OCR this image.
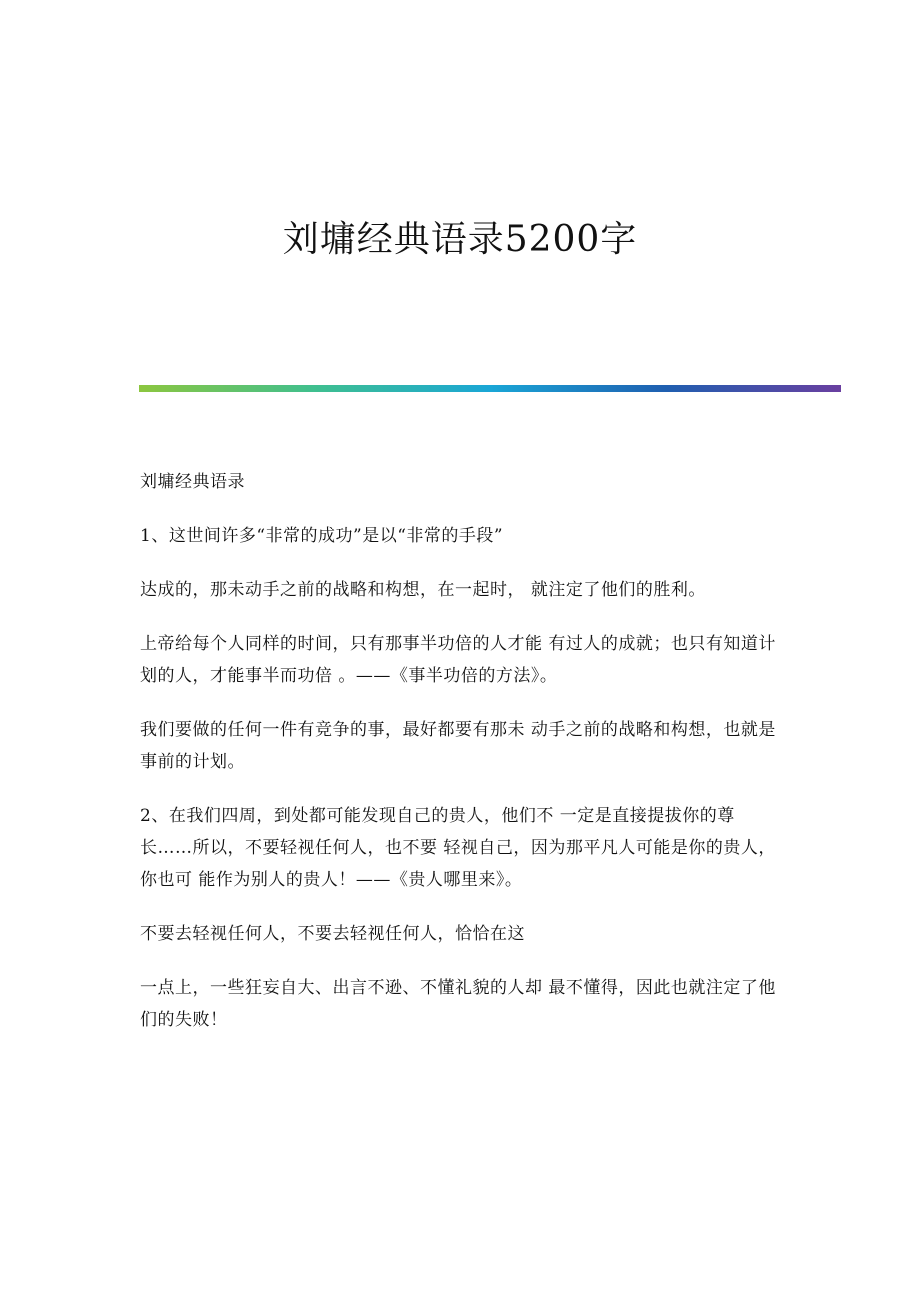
刘墉经典语录5200字

刘墉经典语录

1、这世间许多“非常的成功”是以“非常的手段”

达成的，那未动手之前的战略和构想，在一起时， 就注定了他们的胜利。

上帝给每个人同样的时间，只有那事半功倍的人才能 有过人的成就；也只有知道计划的人，才能事半而功倍 。——《事半功倍的方法》。

我们要做的任何一件有竞争的事，最好都要有那未 动手之前的战略和构想，也就是事前的计划。

2、在我们四周，到处都可能发现自己的贵人，他们不 一定是直接提拔你的尊长……所以，不要轻视任何人，也不要 轻视自己，因为那平凡人可能是你的贵人，你也可 能作为别人的贵人！——《贵人哪里来》。

不要去轻视任何人，不要去轻视任何人，恰恰在这

一点上，一些狂妄自大、出言不逊、不懂礼貌的人却 最不懂得，因此也就注定了他们的失败！
